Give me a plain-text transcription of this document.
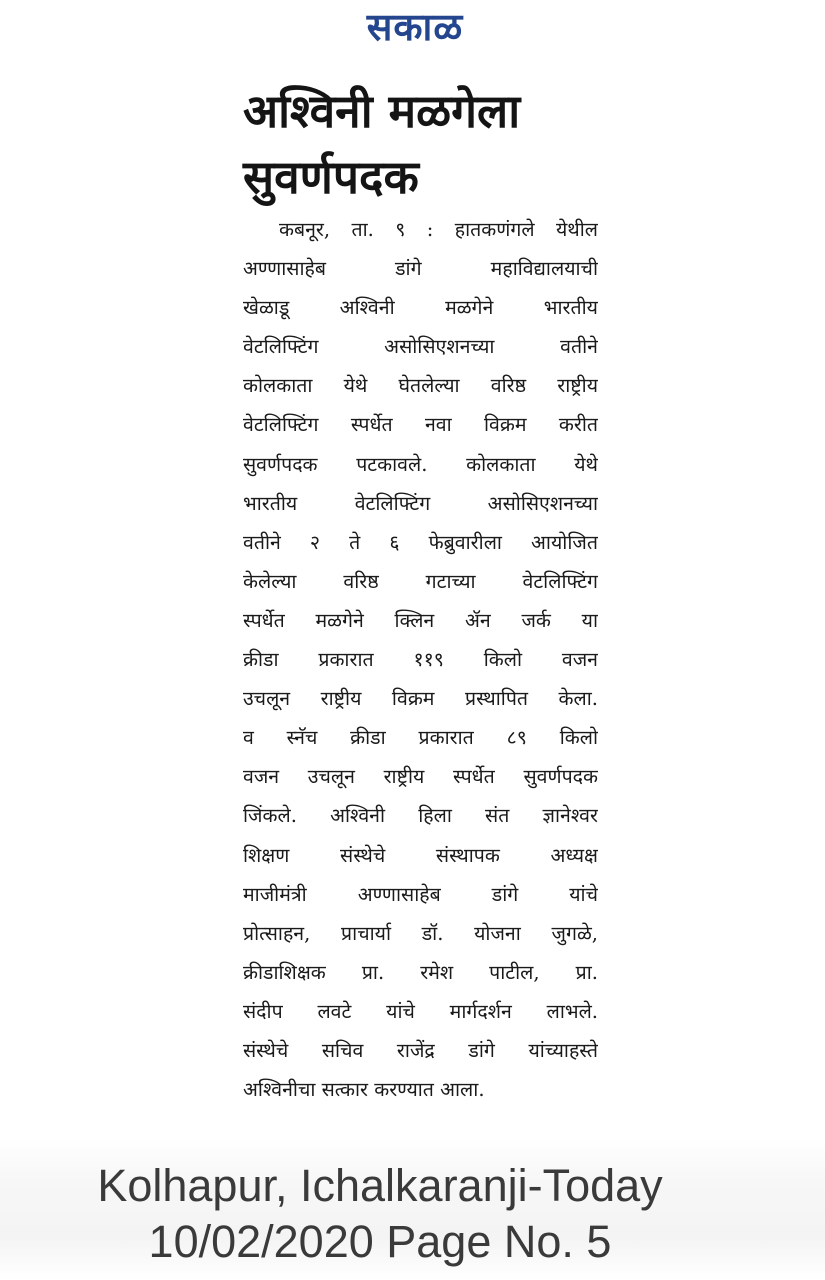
सकाळ
अश्विनी मळगेला
सुवर्णपदक
कबनूर, ता. ९ : हातकणंगले येथील
अण्णासाहेब डांगे महाविद्यालयाची
खेळाडू अश्विनी मळगेने भारतीय
वेटलिफ्टिंग असोसिएशनच्या वतीने
कोलकाता येथे घेतलेल्या वरिष्ठ राष्ट्रीय
वेटलिफ्टिंग स्पर्धेत नवा विक्रम करीत
सुवर्णपदक पटकावले. कोलकाता येथे
भारतीय वेटलिफ्टिंग असोसिएशनच्या
वतीने २ ते ६ फेब्रुवारीला आयोजित
केलेल्या वरिष्ठ गटाच्या वेटलिफ्टिंग
स्पर्धेत मळगेने क्लिन ॲन जर्क या
क्रीडा प्रकारात ११९ किलो वजन
उचलून राष्ट्रीय विक्रम प्रस्थापित केला.
व स्नॅच क्रीडा प्रकारात ८९ किलो
वजन उचलून राष्ट्रीय स्पर्धेत सुवर्णपदक
जिंकले. अश्विनी हिला संत ज्ञानेश्वर
शिक्षण संस्थेचे संस्थापक अध्यक्ष
माजीमंत्री अण्णासाहेब डांगे यांचे
प्रोत्साहन, प्राचार्या डॉ. योजना जुगळे,
क्रीडाशिक्षक प्रा. रमेश पाटील, प्रा.
संदीप लवटे यांचे मार्गदर्शन लाभले.
संस्थेचे सचिव राजेंद्र डांगे यांच्याहस्ते
अश्विनीचा सत्कार करण्यात आला.
Kolhapur, Ichalkaranji-Today
10/02/2020 Page No. 5
